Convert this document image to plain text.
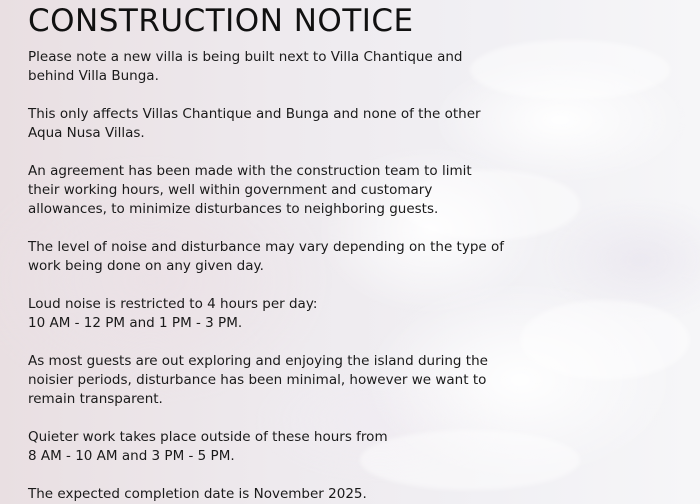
CONSTRUCTION NOTICE

Please note a new villa is being built next to Villa Chantique and
behind Villa Bunga.

This only affects Villas Chantique and Bunga and none of the other
Aqua Nusa Villas.

An agreement has been made with the construction team to limit
their working hours, well within government and customary
allowances, to minimize disturbances to neighboring guests.

The level of noise and disturbance may vary depending on the type of
work being done on any given day.

Loud noise is restricted to 4 hours per day:
10 AM - 12 PM and 1 PM - 3 PM.

As most guests are out exploring and enjoying the island during the
noisier periods, disturbance has been minimal, however we want to
remain transparent.

Quieter work takes place outside of these hours from
8 AM - 10 AM and 3 PM - 5 PM.

The expected completion date is November 2025.
